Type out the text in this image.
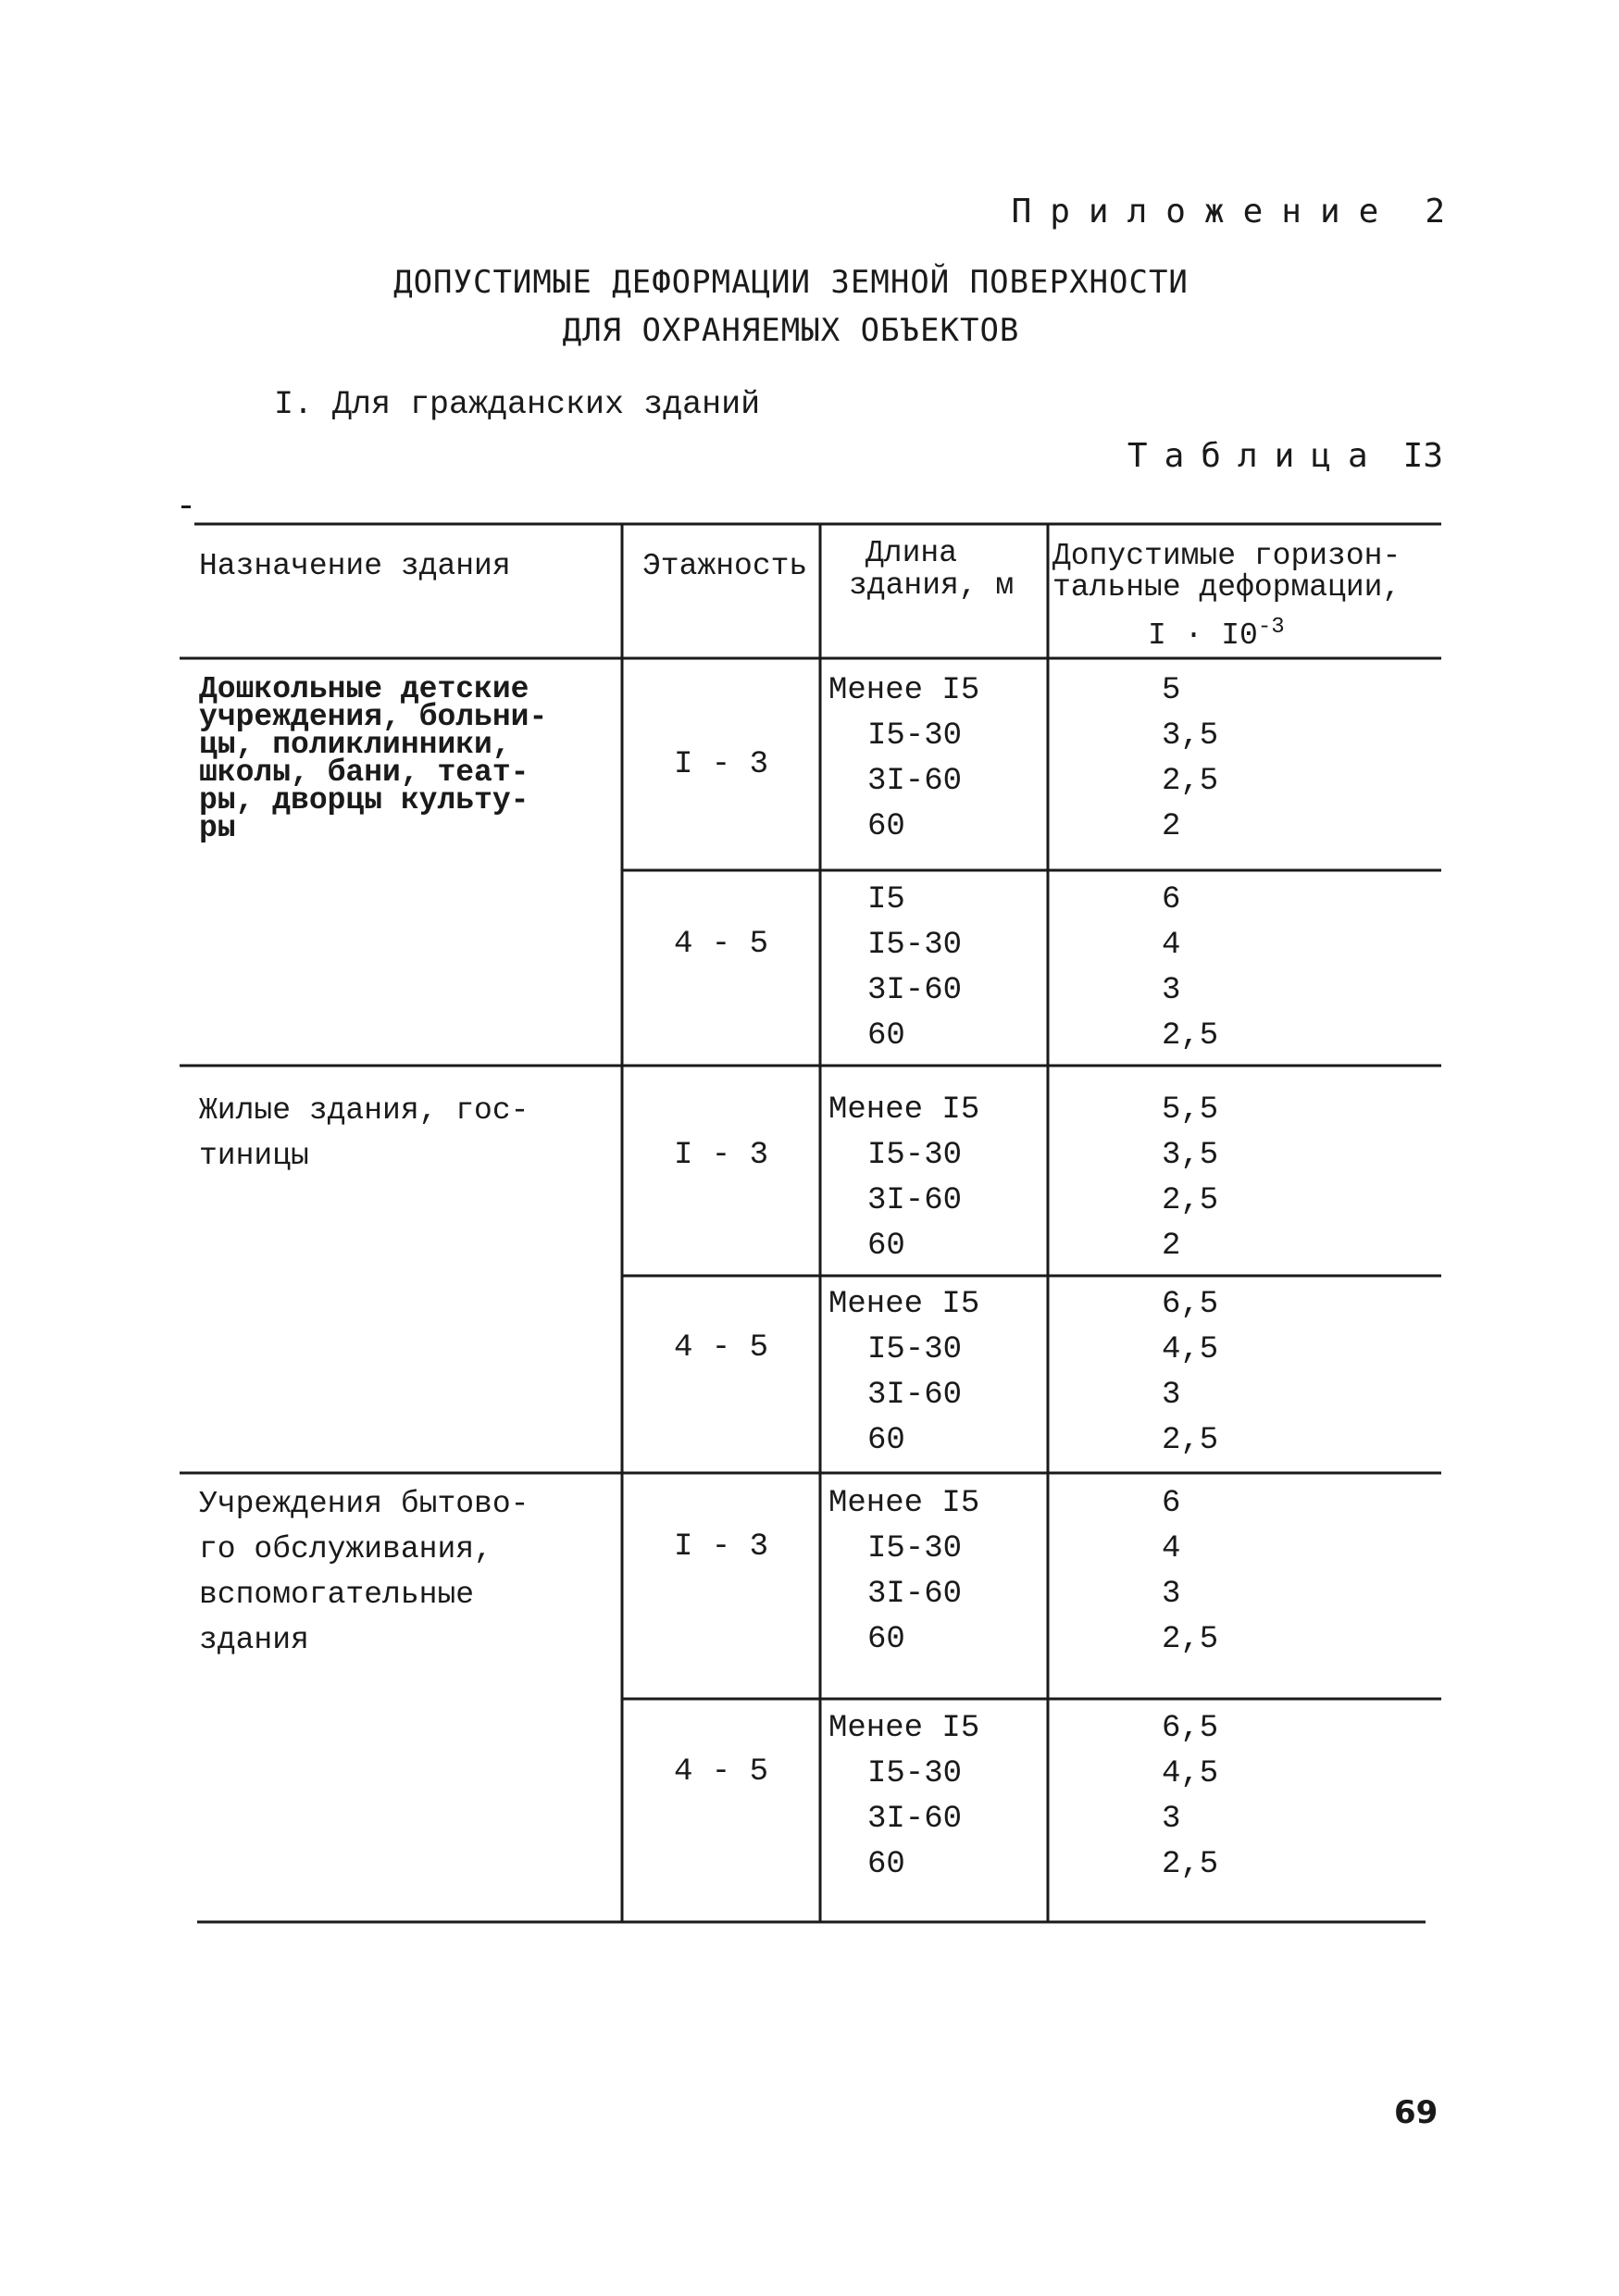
Приложение 2
ДОПУСТИМЫЕ ДЕФОРМАЦИИ ЗЕМНОЙ ПОВЕРХНОСТИ
ДЛЯ ОХРАНЯЕМЫХ ОБЪЕКТОВ
I. Для гражданских зданий
Таблица I3
Назначение здания	Этажность Длина
здания, м
Допустимые горизон-
тальные деформации,
$I \cdot I0^{-3}$
Дошкольные детские
учреждения, больни-
цы, поликлинники,
школы, бани, теат-
ры, дворцы культу-
ры
I - 3
Менее I5
I5-30
3I-60
60
5
3,5
2,5
2
4 - 5
I5
I5-30
3I-60
60
6
4
3
2,5
Жилые здания, гос-
тиницы	I - 3
Менее I5
I5-30
3I-60
60
5,5
3,5
2,5
2
4 - 5
Менее I5
I5-30
3I-60
60
6,5
4,5
3
2,5
Учреждения бытово-
го обслуживания,
вспомогательные
здания
I - 3
Менее I5
I5-30
3I-60
60
6
4
3
2,5
4 - 5
Менее I5
I5-30
3I-60
60
6,5
4,5
3
2,5
69
